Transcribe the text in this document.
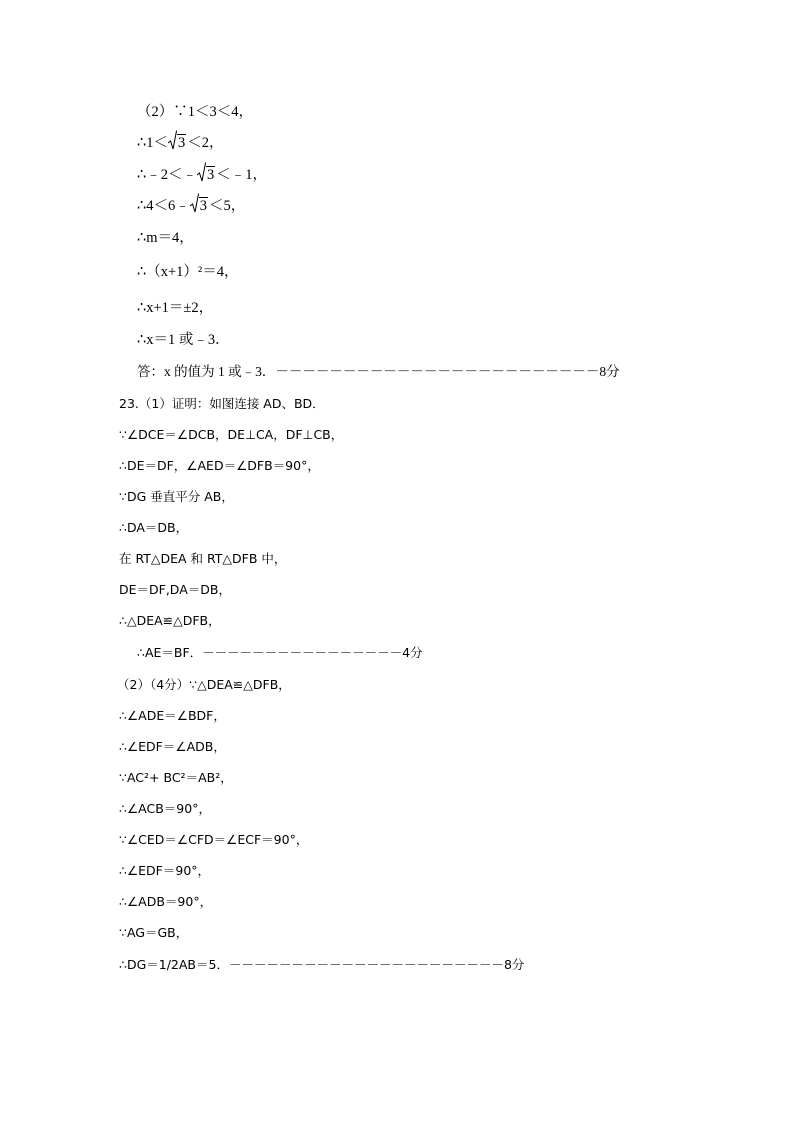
（2）∵1＜3＜4，
∴1＜ 3 ＜2，
∴﹣2＜﹣ 3 ＜﹣1，
∴4＜6﹣ 3 ＜5，
∴m＝4，
∴（x+1）²＝4，
∴x+1＝±2，
∴x＝1 或﹣3．
答：x 的值为 1 或﹣3．－－－－－－－－－－－－－－－－－－－－－－－－8分
23.（1）证明：如图连接 AD、BD．
∵∠DCE＝∠DCB，DE⊥CA，DF⊥CB，
∴DE＝DF，∠AED＝∠DFB＝90°，
∵DG 垂直平分 AB，
∴DA＝DB，
在 RT△DEA 和 RT△DFB 中，
DE＝DF,DA＝DB，
∴△DEA≌△DFB，
∴AE＝BF．－－－－－－－－－－－－－－－－4分
（2）（4分）∵△DEA≌△DFB，
∴∠ADE＝∠BDF，
∴∠EDF＝∠ADB，
∵AC²+ BC²＝AB²，
∴∠ACB＝90°，
∵∠CED＝∠CFD＝∠ECF＝90°，
∴∠EDF＝90°，
∴∠ADB＝90°，
∵AG＝GB，
∴DG＝1/2AB＝5．－－－－－－－－－－－－－－－－－－－－－－8分
